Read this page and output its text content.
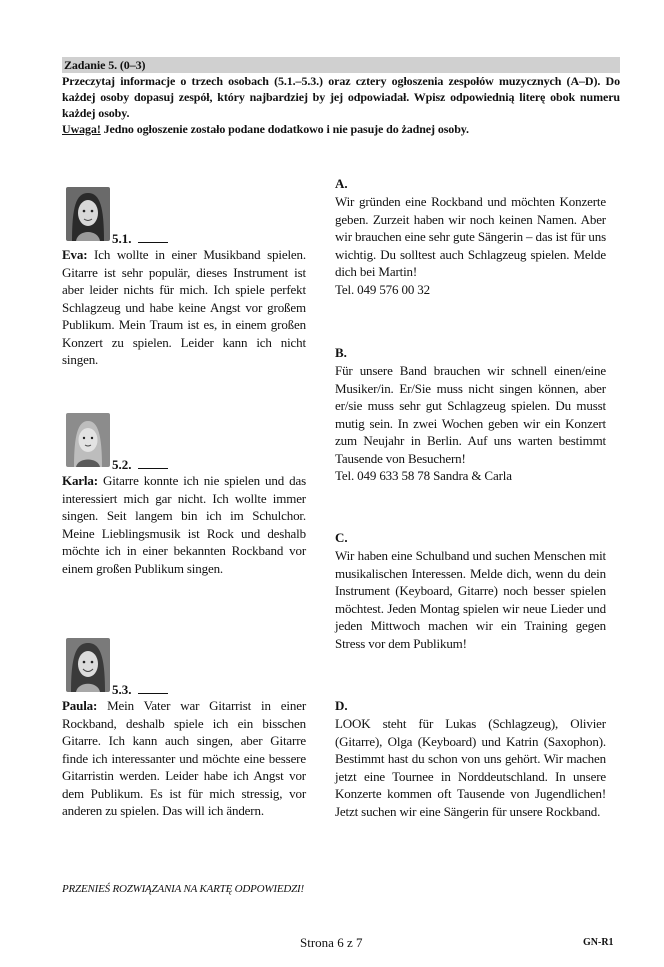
Zadanie 5. (0–3)
Przeczytaj informacje o trzech osobach (5.1.–5.3.) oraz cztery ogłoszenia zespołów muzycznych (A–D). Do każdej osoby dopasuj zespół, który najbardziej by jej odpowiadał. Wpisz odpowiednią literę obok numeru każdej osoby.
Uwaga! Jedno ogłoszenie zostało podane dodatkowo i nie pasuje do żadnej osoby.
5.1.
Eva: Ich wollte in einer Musikband spielen. Gitarre ist sehr populär, dieses Instrument ist aber leider nichts für mich. Ich spiele perfekt Schlagzeug und habe keine Angst vor großem Publikum. Mein Traum ist es, in einem großen Konzert zu spielen. Leider kann ich nicht singen.
5.2.
Karla: Gitarre konnte ich nie spielen und das interessiert mich gar nicht. Ich wollte immer singen. Seit langem bin ich im Schulchor. Meine Lieblingsmusik ist Rock und deshalb möchte ich in einer bekannten Rockband vor einem großen Publikum singen.
5.3.
Paula: Mein Vater war Gitarrist in einer Rockband, deshalb spiele ich ein bisschen Gitarre. Ich kann auch singen, aber Gitarre finde ich interessanter und möchte eine bessere Gitarristin werden. Leider habe ich Angst vor dem Publikum. Es ist für mich stressig, vor anderen zu spielen. Das will ich ändern.
A.
Wir gründen eine Rockband und möchten Konzerte geben. Zurzeit haben wir noch keinen Namen. Aber wir brauchen eine sehr gute Sängerin – das ist für uns wichtig. Du solltest auch Schlagzeug spielen. Melde dich bei Martin!
Tel. 049 576 00 32
B.
Für unsere Band brauchen wir schnell einen/eine Musiker/in. Er/Sie muss nicht singen können, aber er/sie muss sehr gut Schlagzeug spielen. Du musst mutig sein. In zwei Wochen geben wir ein Konzert zum Neujahr in Berlin. Auf uns warten bestimmt Tausende von Besuchern!
Tel. 049 633 58 78 Sandra & Carla
C.
Wir haben eine Schulband und suchen Menschen mit musikalischen Interessen. Melde dich, wenn du dein Instrument (Keyboard, Gitarre) noch besser spielen möchtest. Jeden Montag spielen wir neue Lieder und jeden Mittwoch machen wir ein Training gegen Stress vor dem Publikum!
D.
LOOK steht für Lukas (Schlagzeug), Olivier (Gitarre), Olga (Keyboard) und Katrin (Saxophon). Bestimmt hast du schon von uns gehört. Wir machen jetzt eine Tournee in Norddeutschland. In unsere Konzerte kommen oft Tausende von Jugendlichen! Jetzt suchen wir eine Sängerin für unsere Rockband.
PRZENIEŚ ROZWIĄZANIA NA KARTĘ ODPOWIEDZI!
Strona 6 z 7	GN-R1
